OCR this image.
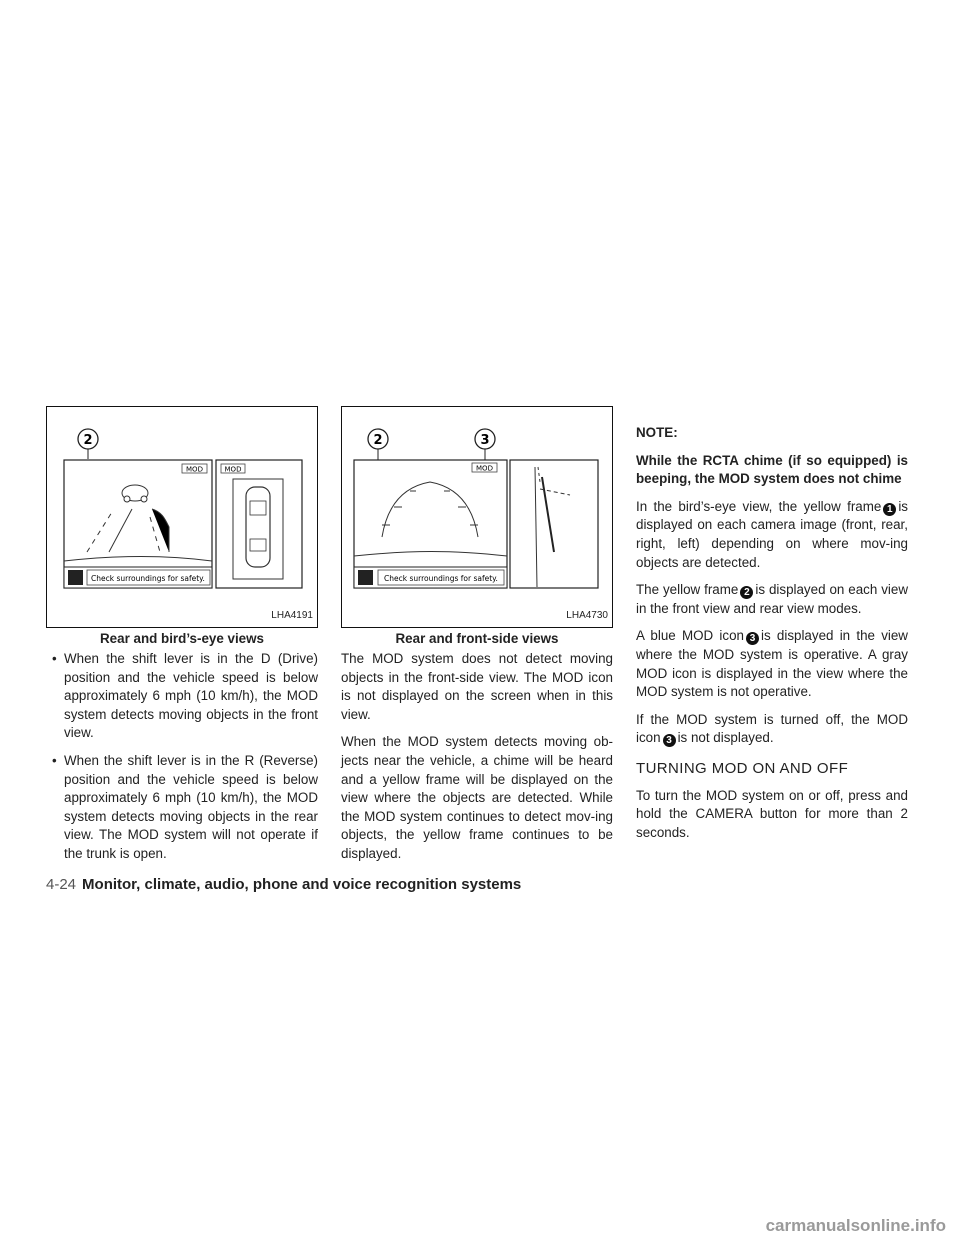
2
MOD	MOD
Check surroundings for safety.
LHA4191
Rear and bird’s-eye views
• When the shift lever is in the D (Drive) position and the vehicle speed is below approximately 6 mph (10 km/h), the MOD system detects moving objects in the front view.
• When the shift lever is in the R (Reverse) position and the vehicle speed is below approximately 6 mph (10 km/h), the MOD system detects moving objects in the rear view. The MOD system will not operate if the trunk is open.
2	3
MOD
Check surroundings for safety.
LHA4730
Rear and front-side views

The MOD system does not detect moving objects in the front-side view. The MOD icon is not displayed on the screen when in this view.

When the MOD system detects moving ob-jects near the vehicle, a chime will be heard and a yellow frame will be displayed on the view where the objects are detected. While the MOD system continues to detect mov-ing objects, the yellow frame continues to be displayed.

NOTE:

While the RCTA chime (if so equipped) is beeping, the MOD system does not chime

In the bird’s-eye view, the yellow frame 1 is displayed on each camera image (front, rear, right, left) depending on where mov-ing objects are detected.

The yellow frame 2 is displayed on each view in the front view and rear view modes.

A blue MOD icon 3 is displayed in the view where the MOD system is operative. A gray MOD icon is displayed in the view where the MOD system is not operative.

If the MOD system is turned off, the MOD icon 3 is not displayed.

TURNING MOD ON AND OFF

To turn the MOD system on or off, press and hold the CAMERA button for more than 2 seconds.

4-24 Monitor, climate, audio, phone and voice recognition systems
carmanualsonline.info
